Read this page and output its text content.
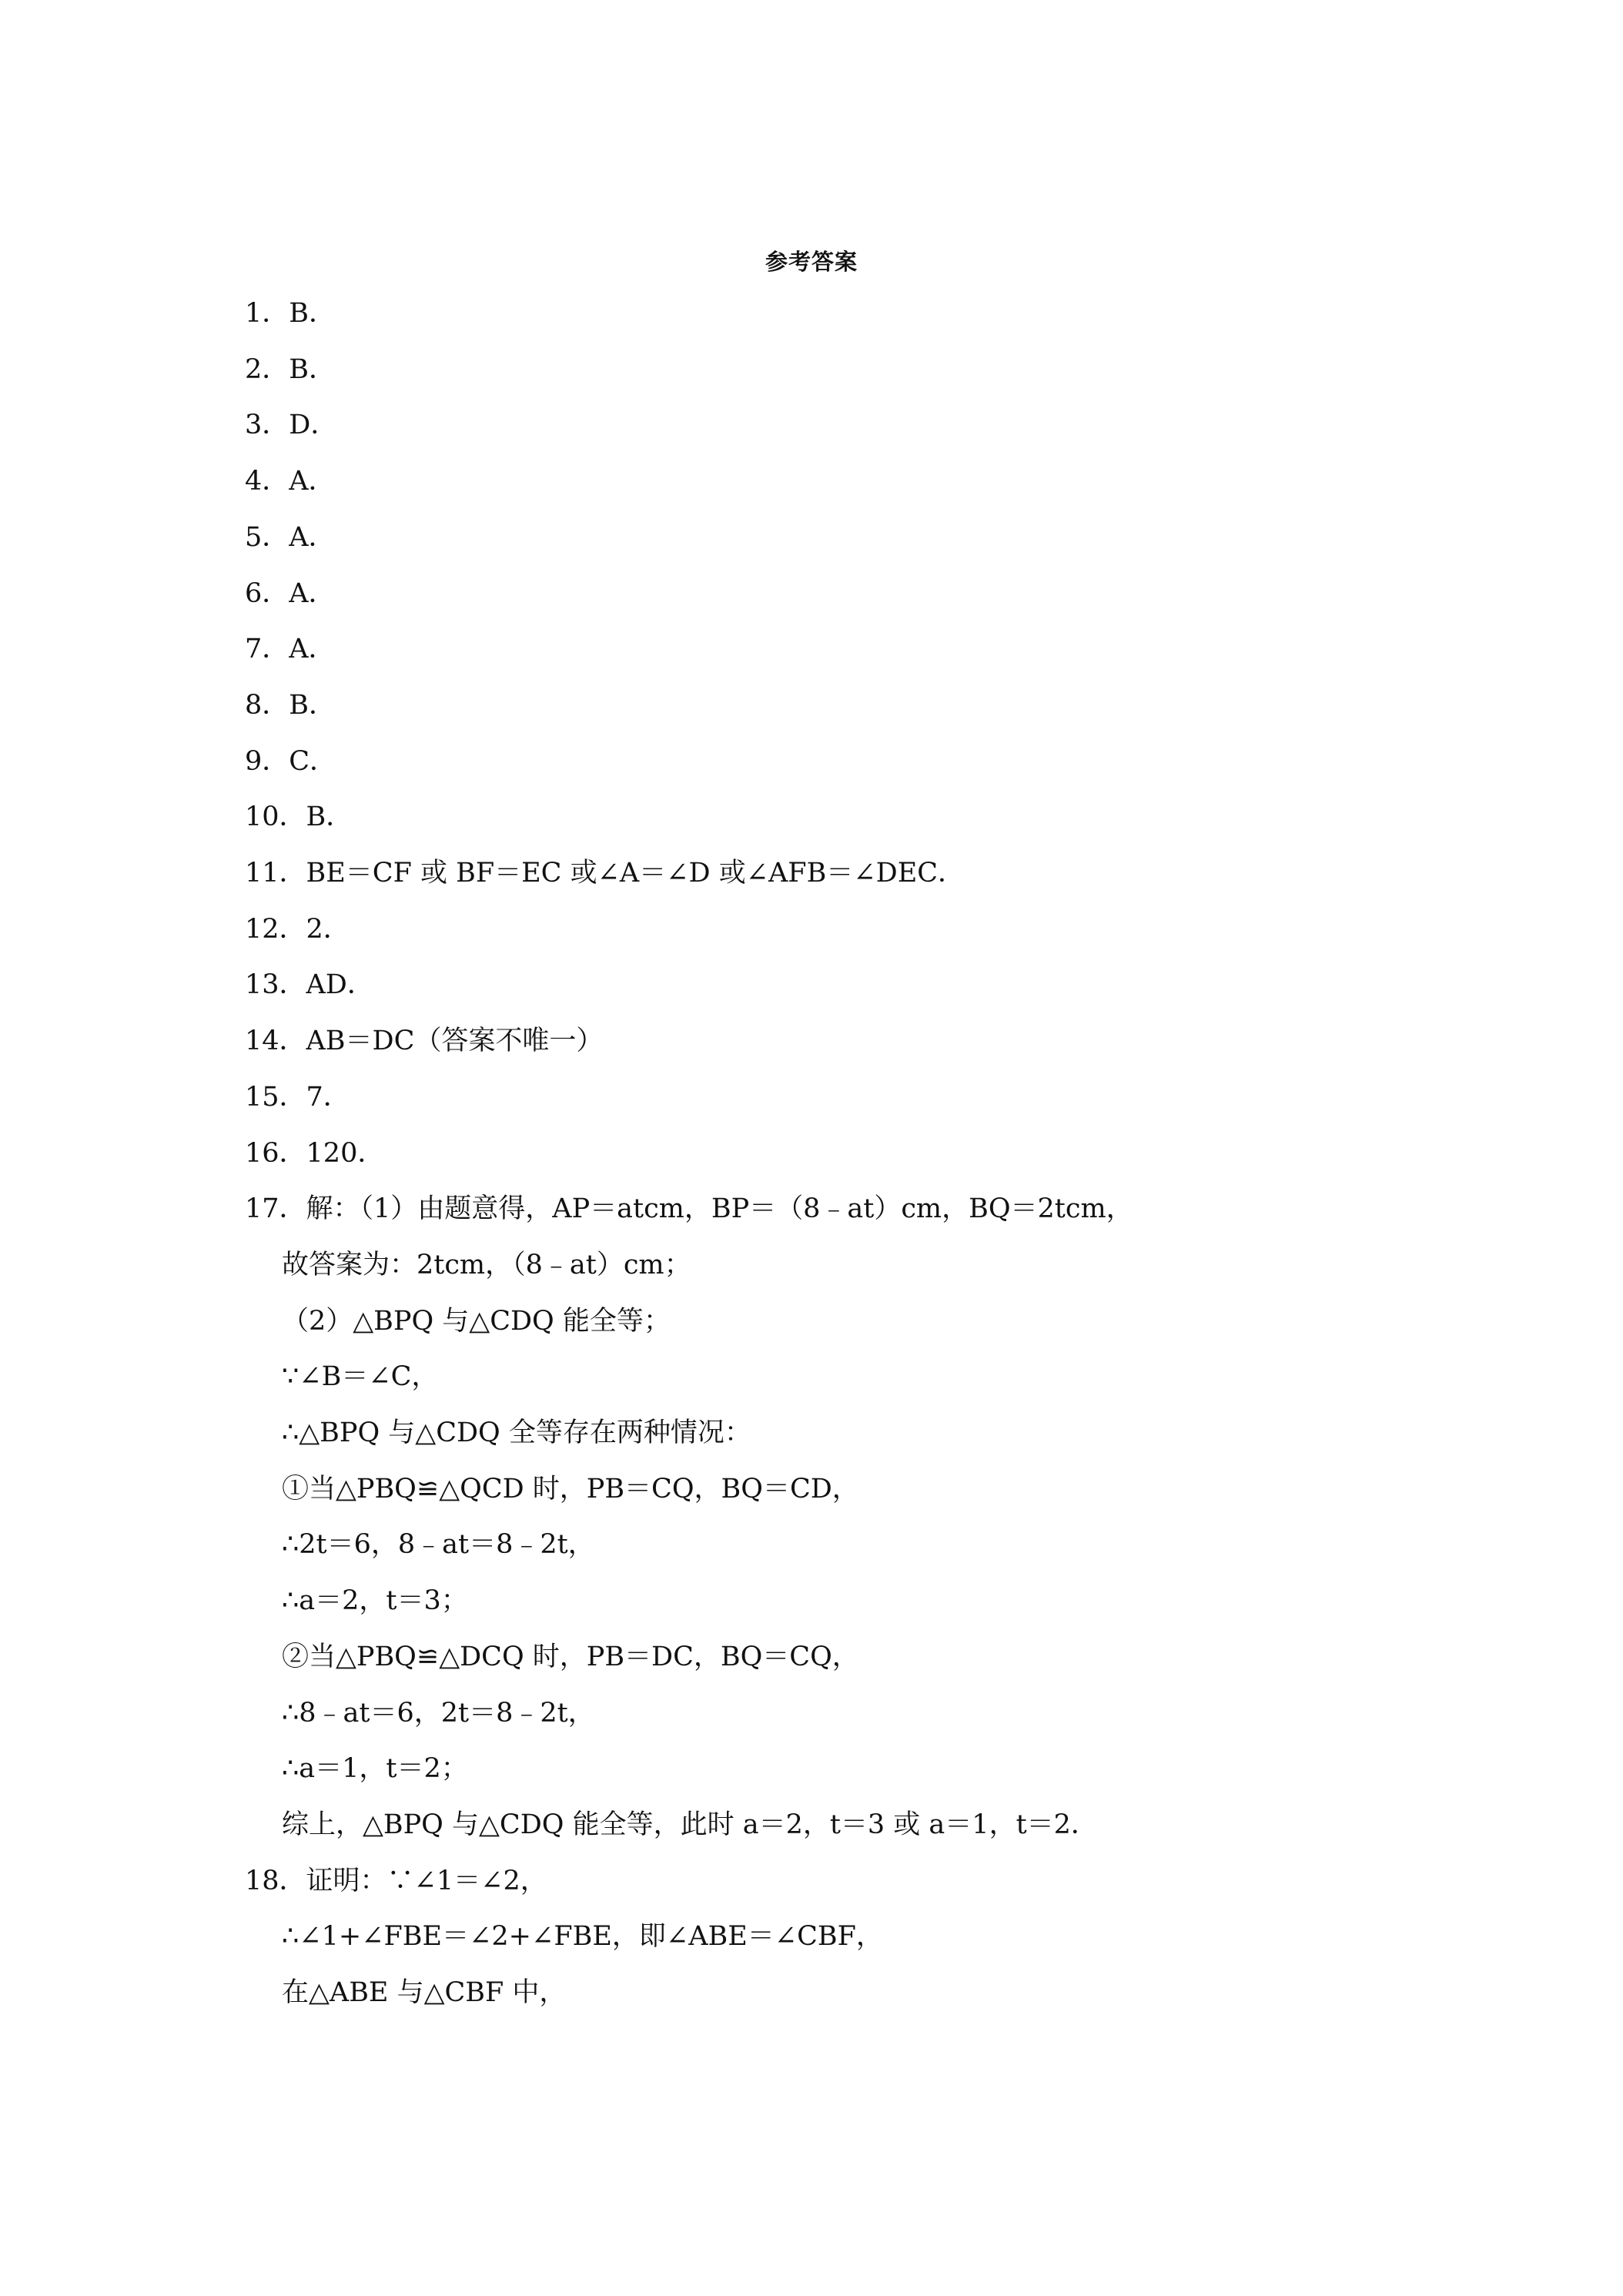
参考答案
1．B．
2．B．
3．D．
4．A．
5．A．
6．A．
7．A．
8．B．
9．C．
10．B．
11．BE＝CF 或 BF＝EC 或∠A＝∠D 或∠AFB＝∠DEC．
12．2．
13．AD．
14．AB＝DC（答案不唯一）
15．7．
16．120．
17．解：（1）由题意得，AP＝atcm，BP＝（8﹣at）cm，BQ＝2tcm，
故答案为：2tcm，（8﹣at）cm；
（2）△BPQ 与△CDQ 能全等；
∵∠B＝∠C，
∴△BPQ 与△CDQ 全等存在两种情况：
①当△PBQ≌△QCD 时，PB＝CQ，BQ＝CD，
∴2t＝6，8﹣at＝8﹣2t，
∴a＝2，t＝3；
②当△PBQ≌△DCQ 时，PB＝DC，BQ＝CQ，
∴8﹣at＝6，2t＝8﹣2t，
∴a＝1，t＝2；
综上，△BPQ 与△CDQ 能全等，此时 a＝2，t＝3 或 a＝1，t＝2．
18．证明：∵∠1＝∠2，
∴∠1+∠FBE＝∠2+∠FBE，即∠ABE＝∠CBF，
在△ABE 与△CBF 中，
